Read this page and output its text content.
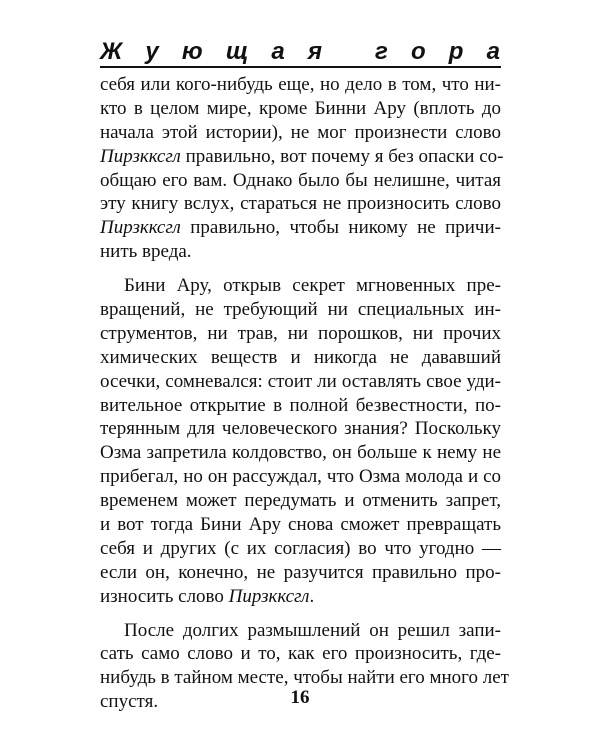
Ж у ю щ а я
г о р а
себя или кого-нибудь еще, но дело в том, что ни-
кто в целом мире, кроме Бинни Ару (вплоть до
начала этой истории), не мог произнести слово
Пирзкксгл правильно, вот почему я без опаски со-
общаю его вам. Однако было бы нелишне, читая
эту книгу вслух, стараться не произносить слово
Пирзкксгл правильно, чтобы никому не причи-
нить вреда.
Бини Ару, открыв секрет мгновенных пре-
вращений, не требующий ни специальных ин-
струментов, ни трав, ни порошков, ни прочих
химических веществ и никогда не дававший
осечки, сомневался: стоит ли оставлять свое уди-
вительное открытие в полной безвестности, по-
терянным для человеческого знания? Поскольку
Озма запретила колдовство, он больше к нему не
прибегал, но он рассуждал, что Озма молода и со
временем может передумать и отменить запрет,
и вот тогда Бини Ару снова сможет превращать
себя и других (с их согласия) во что угодно —
если он, конечно, не разучится правильно про-
износить слово Пирзкксгл.
После долгих размышлений он решил запи-
сать само слово и то, как его произносить, где-
нибудь в тайном месте, чтобы найти его много лет
спустя.	16
